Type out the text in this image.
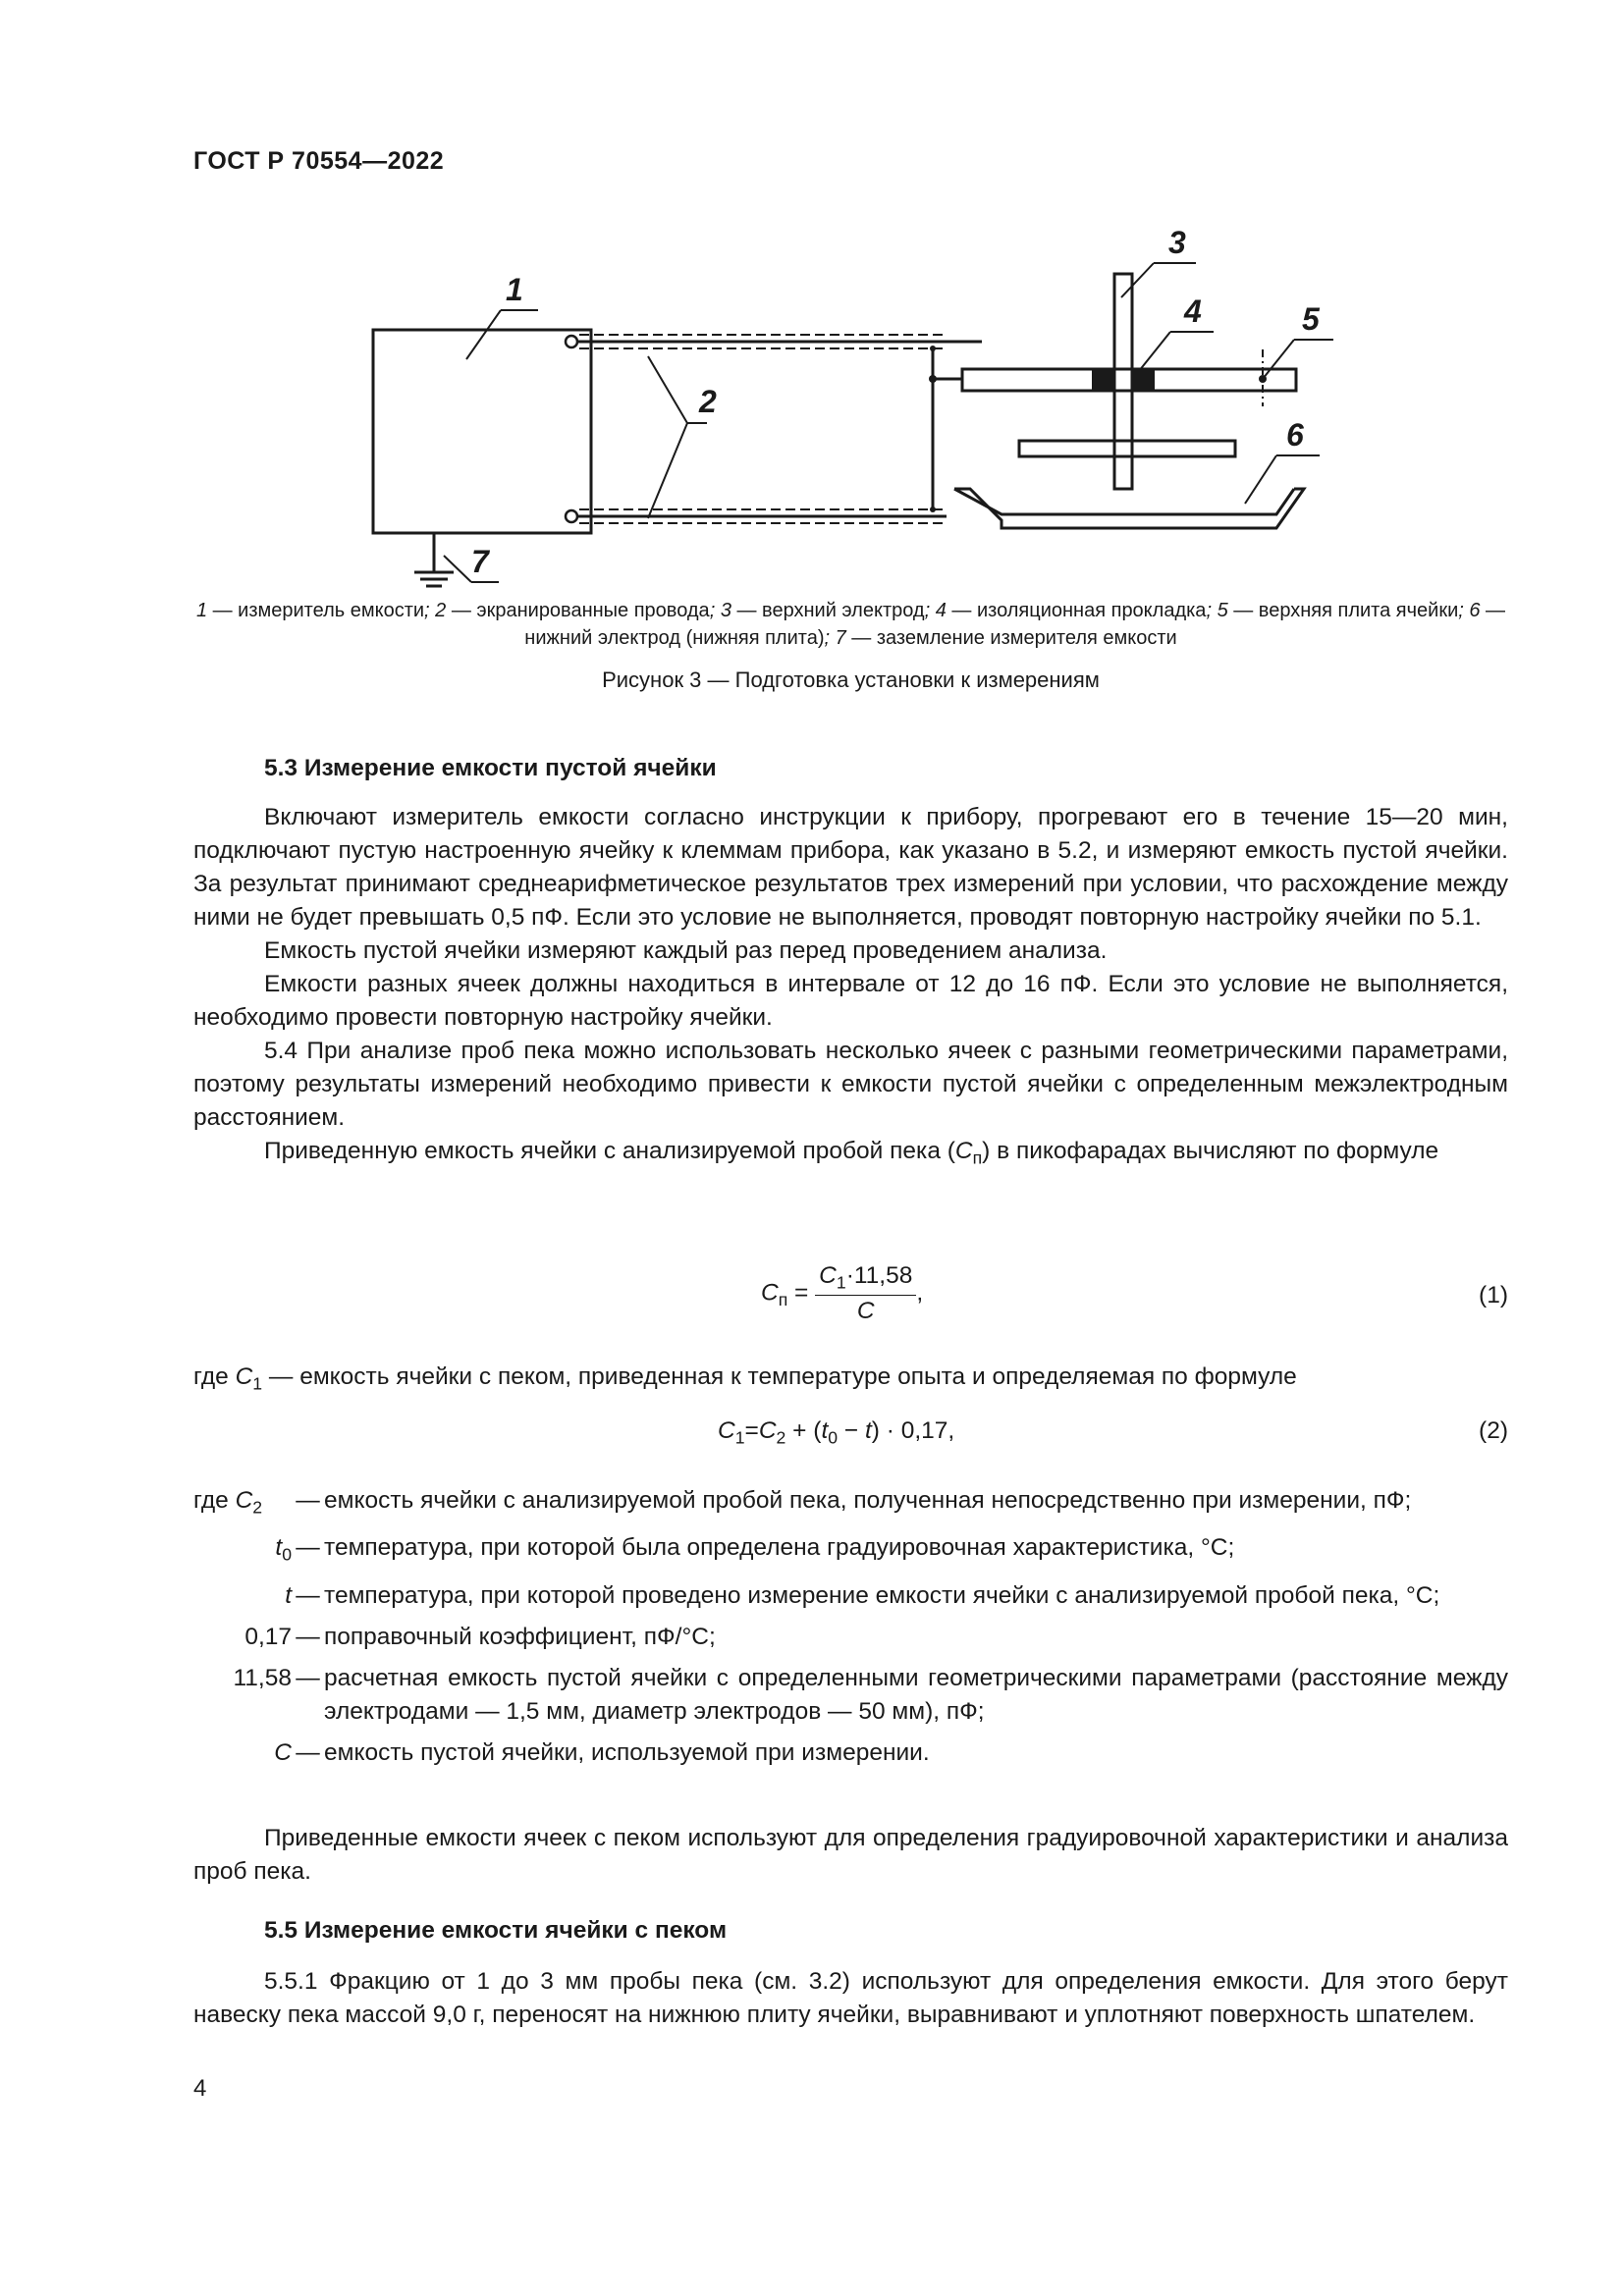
ГОСТ Р 70554—2022
1
2
3
4	5
6
7
1 — измеритель емкости; 2 — экранированные провода; 3 — верхний электрод; 4 — изоляционная прокладка; 5 — верхняя плита ячейки; 6 — нижний электрод (нижняя плита); 7 — заземление измерителя емкости
Рисунок 3 — Подготовка установки к измерениям
5.3 Измерение емкости пустой ячейки

Включают измеритель емкости согласно инструкции к прибору, прогревают его в течение 15—20 мин, подключают пустую настроенную ячейку к клеммам прибора, как указано в 5.2, и измеряют емкость пустой ячейки. За результат принимают среднеарифметическое результатов трех измерений при условии, что расхождение между ними не будет превышать 0,5 пФ. Если это условие не выполняется, проводят повторную настройку ячейки по 5.1.

Емкость пустой ячейки измеряют каждый раз перед проведением анализа.

Емкости разных ячеек должны находиться в интервале от 12 до 16 пФ. Если это условие не выполняется, необходимо провести повторную настройку ячейки.

5.4 При анализе проб пека можно использовать несколько ячеек с разными геометрическими параметрами, поэтому результаты измерений необходимо привести к емкости пустой ячейки с определенным межэлектродным расстоянием.

Приведенную емкость ячейки с анализируемой пробой пека $(C_п)$ в пикофарадах вычисляют по формуле

$C_п = \frac{C_1\cdot 11,58}{C}$ ,	(1)
где $C_1$ — емкость ячейки с пеком, приведенная к температуре опыта и определяемая по формуле
$C_1=C_2 + (t_0 - t) \cdot 0,17$,	(2)
где $C_2$	— емкость ячейки с анализируемой пробой пека, полученная непосредственно при измерении, пФ;
$t_0$ — температура, при которой была определена градуировочная характеристика, °С;
t — температура, при которой проведено измерение емкости ячейки с анализируемой пробой пека, °С;
0,17 — поправочный коэффициент, пФ/°С;
11,58 — расчетная емкость пустой ячейки с определенными геометрическими параметрами (расстояние между электродами — 1,5 мм, диаметр электродов — 50 мм), пФ;
C — емкость пустой ячейки, используемой при измерении.

Приведенные емкости ячеек с пеком используют для определения градуировочной характеристики и анализа проб пека.

5.5 Измерение емкости ячейки с пеком

5.5.1 Фракцию от 1 до 3 мм пробы пека (см. 3.2) используют для определения емкости. Для этого берут навеску пека массой 9,0 г, переносят на нижнюю плиту ячейки, выравнивают и уплотняют поверхность шпателем.

4
